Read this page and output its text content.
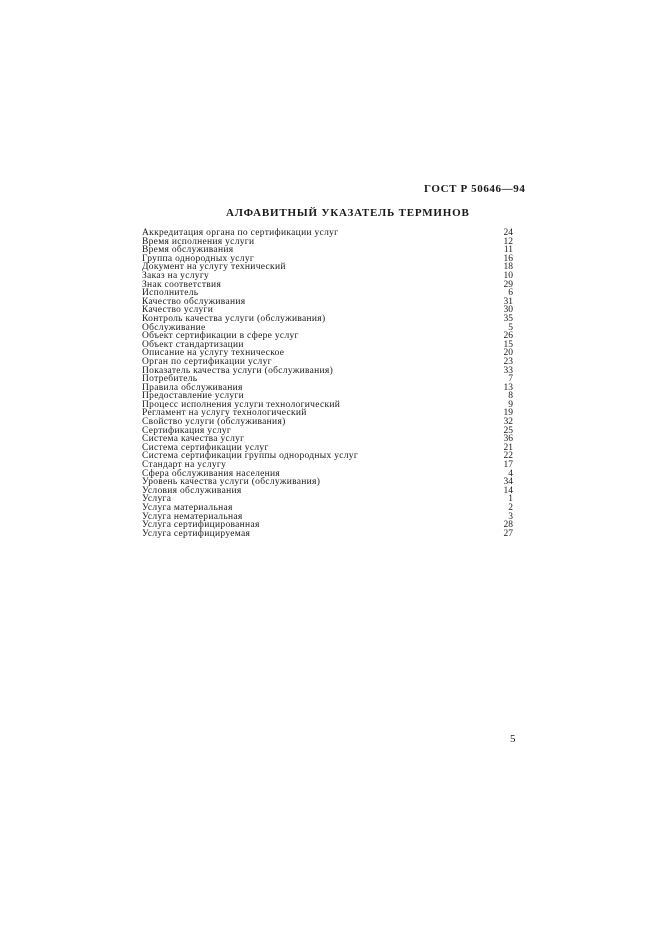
ГОСТ Р 50646—94
АЛФАВИТНЫЙ УКАЗАТЕЛЬ ТЕРМИНОВ
Аккредитация органа по сертификации услуг	24
Время исполнения услуги	12
Время обслуживания	11
Группа однородных услуг	16
Документ на услугу технический	18
Заказ на услугу	10
Знак соответствия	29
Исполнитель	6
Качество обслуживания	31
Качество услуги	30
Контроль качества услуги (обслуживания)	35
Обслуживание	5
Объект сертификации в сфере услуг	26
Объект стандартизации	15
Описание на услугу техническое	20
Орган по сертификации услуг	23
Показатель качества услуги (обслуживания)	33
Потребитель	7
Правила обслуживания	13
Предоставление услуги	8
Процесс исполнения услуги технологический	9
Регламент на услугу технологический	19
Свойство услуги (обслуживания)	32
Сертификация услуг	25
Система качества услуг	36
Система сертификации услуг	21
Система сертификации группы однородных услуг	22
Стандарт на услугу	17
Сфера обслуживания населения	4
Уровень качества услуги (обслуживания)	34
Условия обслуживания	14
Услуга	1
Услуга материальная	2
Услуга нематериальная	3
Услуга сертифицированная	28
Услуга сертифицируемая	27
5
